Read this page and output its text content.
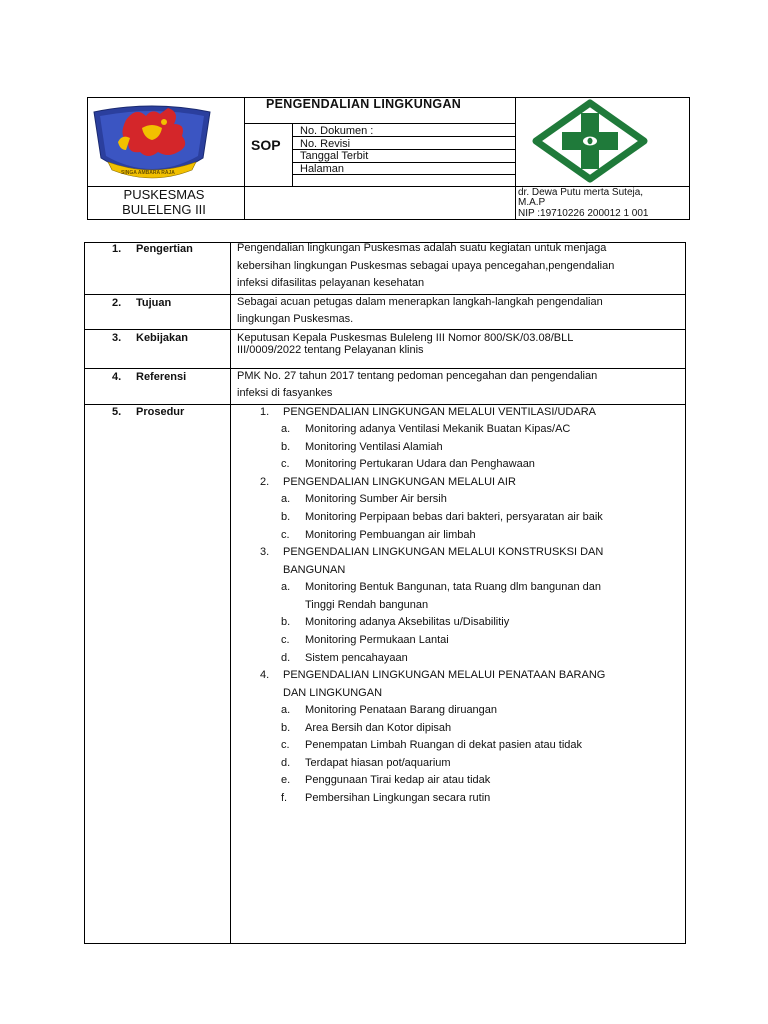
SINGA AMBARA RAJA
PUSKESMAS
BULELENG III
PENGENDALIAN LINGKUNGAN
SOP
No. Dokumen :
No. Revisi
Tanggal Terbit
Halaman
dr. Dewa Putu merta Suteja,
M.A.P
NIP :19710226 200012 1 001
1. Pengertian	Pengendalian lingkungan Puskesmas adalah suatu kegiatan untuk menjaga
kebersihan lingkungan Puskesmas sebagai upaya pencegahan,pengendalian
infeksi difasilitas pelayanan kesehatan
2. Tujuan	Sebagai acuan petugas dalam menerapkan langkah-langkah pengendalian
lingkungan Puskesmas.
3. Kebijakan	Keputusan Kepala Puskesmas Buleleng III Nomor 800/SK/03.08/BLL
III/0009/2022 tentang Pelayanan klinis
4. Referensi	PMK No. 27 tahun 2017 tentang pedoman pencegahan dan pengendalian
infeksi di fasyankes
5. Prosedur	1. PENGENDALIAN LINGKUNGAN MELALUI VENTILASI/UDARA
a. Monitoring adanya Ventilasi Mekanik Buatan Kipas/AC
b. Monitoring Ventilasi Alamiah
c. Monitoring Pertukaran Udara dan Penghawaan
2. PENGENDALIAN LINGKUNGAN MELALUI AIR
a. Monitoring Sumber Air bersih
b. Monitoring Perpipaan bebas dari bakteri, persyaratan air baik
c. Monitoring Pembuangan air limbah
3. PENGENDALIAN LINGKUNGAN MELALUI KONSTRUSKSI DAN
BANGUNAN
a. Monitoring Bentuk Bangunan, tata Ruang dlm bangunan dan
Tinggi Rendah bangunan
b. Monitoring adanya Aksebilitas u/Disabilitiy
c. Monitoring Permukaan Lantai
d. Sistem pencahayaan
4. PENGENDALIAN LINGKUNGAN MELALUI PENATAAN BARANG
DAN LINGKUNGAN
a. Monitoring Penataan Barang diruangan
b. Area Bersih dan Kotor dipisah
c. Penempatan Limbah Ruangan di dekat pasien atau tidak
d. Terdapat hiasan pot/aquarium
e. Penggunaan Tirai kedap air atau tidak
f. Pembersihan Lingkungan secara rutin
